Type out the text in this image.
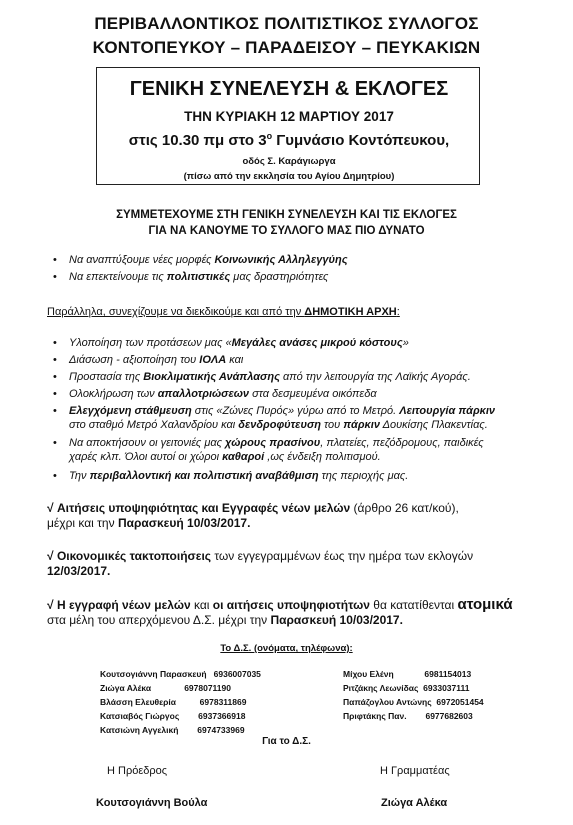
ΠΕΡΙΒΑΛΛΟΝΤΙΚΟΣ ΠΟΛΙΤΙΣΤΙΚΟΣ ΣΥΛΛΟΓΟΣ
ΚΟΝΤΟΠΕΥΚΟΥ – ΠΑΡΑΔΕΙΣΟΥ – ΠΕΥΚΑΚΙΩΝ
ΓΕΝΙΚΗ ΣΥΝΕΛΕΥΣΗ & ΕΚΛΟΓΕΣ
ΤΗΝ ΚΥΡΙΑΚΗ 12 ΜΑΡΤΙΟΥ 2017
στις 10.30 πμ στο $3^o$ Γυμνάσιο Κοντόπευκου,
οδός Σ. Καράγιωργα
(πίσω από την εκκλησία του Αγίου Δημητρίου)
ΣΥΜΜΕΤΕΧΟΥΜΕ ΣΤΗ ΓΕΝΙΚΗ ΣΥΝΕΛΕΥΣΗ ΚΑΙ ΤΙΣ ΕΚΛΟΓΕΣ
ΓΙΑ ΝΑ ΚΑΝΟΥΜΕ ΤΟ ΣΥΛΛΟΓΟ ΜΑΣ ΠΙΟ ΔΥΝΑΤΟ
• Να αναπτύξουμε νέες μορφές Κοινωνικής Αλληλεγγύης
• Να επεκτείνουμε τις πολιτιστικές μας δραστηριότητες
Παράλληλα, συνεχίζουμε να διεκδικούμε και από την ΔΗΜΟΤΙΚΗ ΑΡΧΗ:
• Υλοποίηση των προτάσεων μας «Μεγάλες ανάσες μικρού κόστους»
• Διάσωση - αξιοποίηση του ΙΟΛΑ και
• Προστασία της Βιοκλιματικής Ανάπλασης από την λειτουργία της Λαϊκής Αγοράς.
• Ολοκλήρωση των απαλλοτριώσεων στα δεσμευμένα οικόπεδα
• Ελεγχόμενη στάθμευση στις «Ζώνες Πυρός» γύρω από το Μετρό. Λειτουργία πάρκιν
στο σταθμό Μετρό Χαλανδρίου και δενδροφύτευση του πάρκιν Δουκίσης Πλακεντίας.
• Να αποκτήσουν οι γειτονιές μας χώρους πρασίνου, πλατείες, πεζόδρομους, παιδικές
χαρές κλπ. Όλοι αυτοί οι χώροι καθαροί ,ως ένδειξη πολιτισμού.
• Την περιβαλλοντική και πολιτιστική αναβάθμιση της περιοχής μας.
√ Αιτήσεις υποψηφιότητας και Εγγραφές νέων μελών (άρθρο 26 κατ/κού),
μέχρι και την Παρασκευή 10/03/2017.
√ Οικονομικές τακτοποιήσεις των εγγεγραμμένων έως την ημέρα των εκλογών
12/03/2017.
√ Η εγγραφή νέων μελών και οι αιτήσεις υποψηφιοτήτων θα κατατίθενται ατομικά
στα μέλη του απερχόμενου Δ.Σ. μέχρι την Παρασκευή 10/03/2017.
Το Δ.Σ. (ονόματα, τηλέφωνα):
Κουτσογιάννη Παρασκευή 6936007035
Ζιώγα Αλέκα	6978071190
Βλάσση Ελευθερία	6978311869
Κατσιαβός Γιώργος 6937366918
Κατσιώνη Αγγελική 6974733969
Μίχου Ελένη	6981154013
Ριτζάκης Λεωνίδας 6933037111
Παπάζογλου Αντώνης 6972051454
Πριφτάκης Παν. 6977682603
Για το Δ.Σ.
Η Πρόεδρος	Η Γραμματέας
Κουτσογιάννη Βούλα	Ζιώγα Αλέκα
